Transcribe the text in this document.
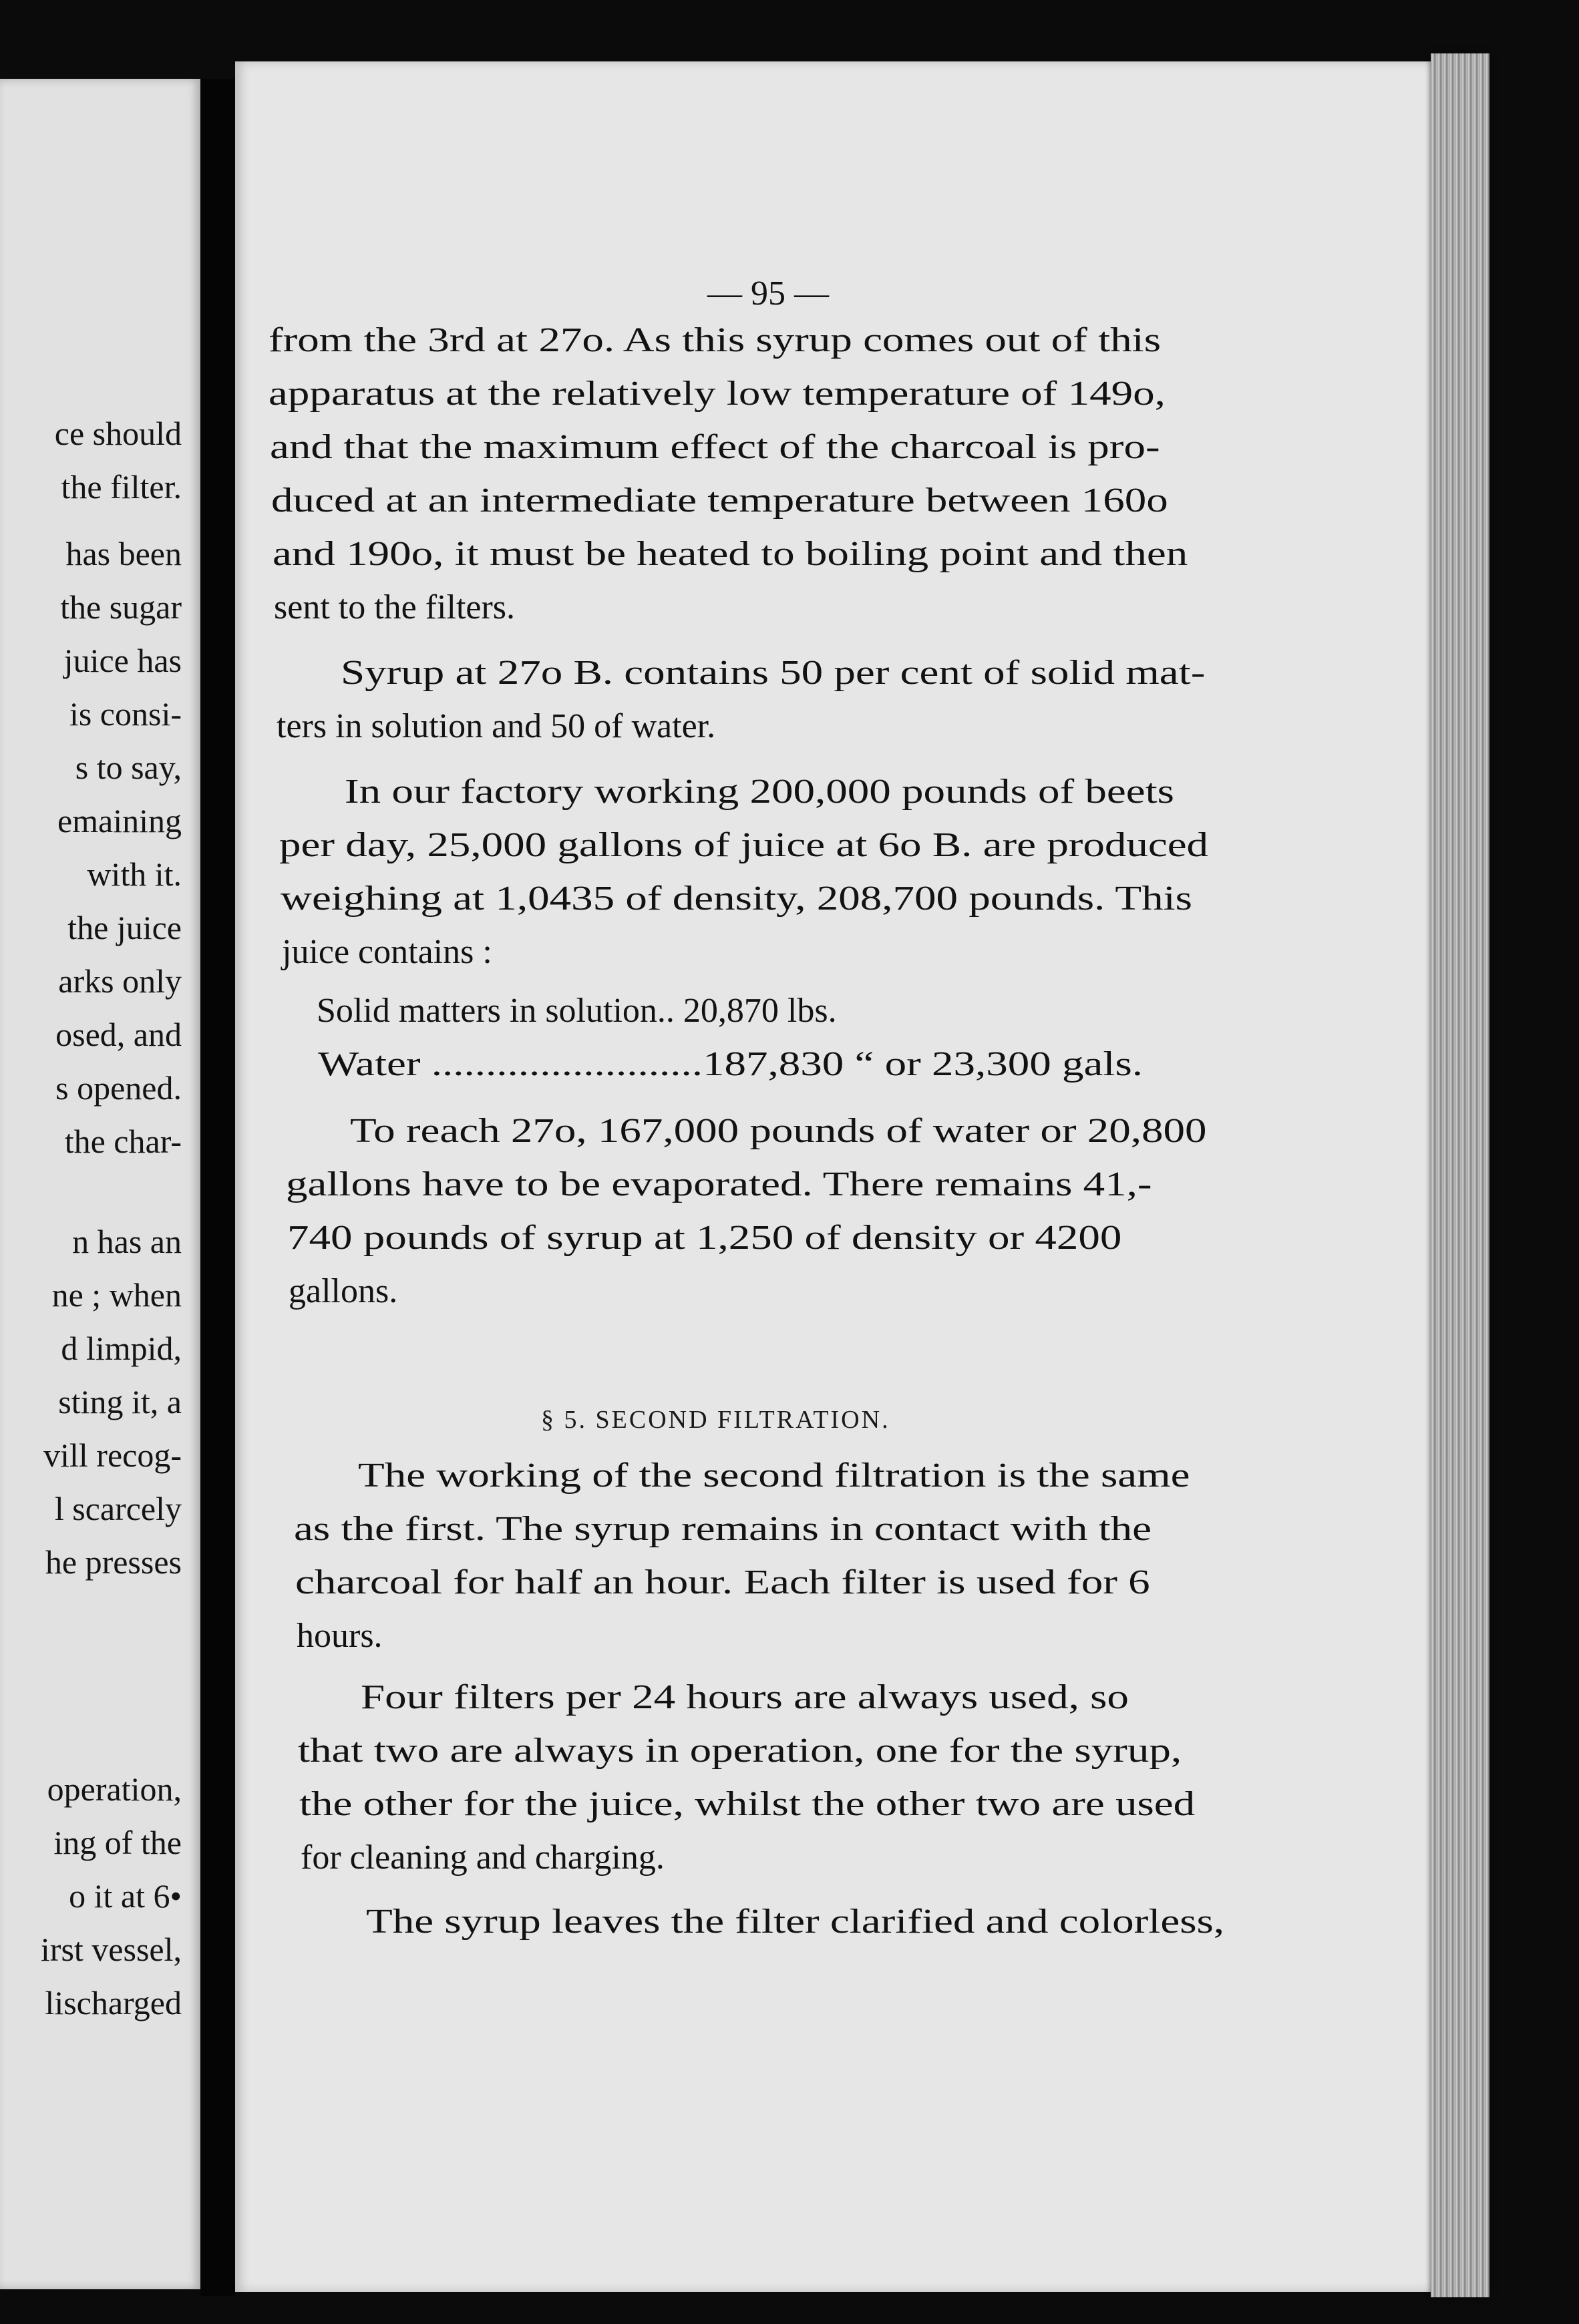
ce should
the filter.
has been
the sugar
juice has
is consi-
s to say,
emaining
with it.
the juice
arks only
osed, and
s opened.
the char-
n has an
ne ; when
d limpid,
sting it, a
vill recog-
l scarcely
he presses
operation,
ing of the
o it at 6•
irst vessel,
lischarged
— 95 —
from the 3rd at 27o. As this syrup comes out of this
apparatus at the relatively low temperature of 149o,
and that the maximum effect of the charcoal is pro-
duced at an intermediate temperature between 160o
and 190o, it must be heated to boiling point and then
sent to the filters.
Syrup at 27o B. contains 50 per cent of solid mat-
ters in solution and 50 of water.
In our factory working 200,000 pounds of beets
per day, 25,000 gallons of juice at 6o B. are produced
weighing at 1,0435 of density, 208,700 pounds. This
juice contains :
Solid matters in solution.. 20,870 lbs.
Water .........................187,830 “ or 23,300 gals.
To reach 27o, 167,000 pounds of water or 20,800
gallons have to be evaporated. There remains 41,-
740 pounds of syrup at 1,250 of density or 4200
gallons.
The working of the second filtration is the same
as the first. The syrup remains in contact with the
charcoal for half an hour. Each filter is used for 6
hours.
Four filters per 24 hours are always used, so
that two are always in operation, one for the syrup,
the other for the juice, whilst the other two are used
for cleaning and charging.
The syrup leaves the filter clarified and colorless,
§ 5. SECOND FILTRATION.
